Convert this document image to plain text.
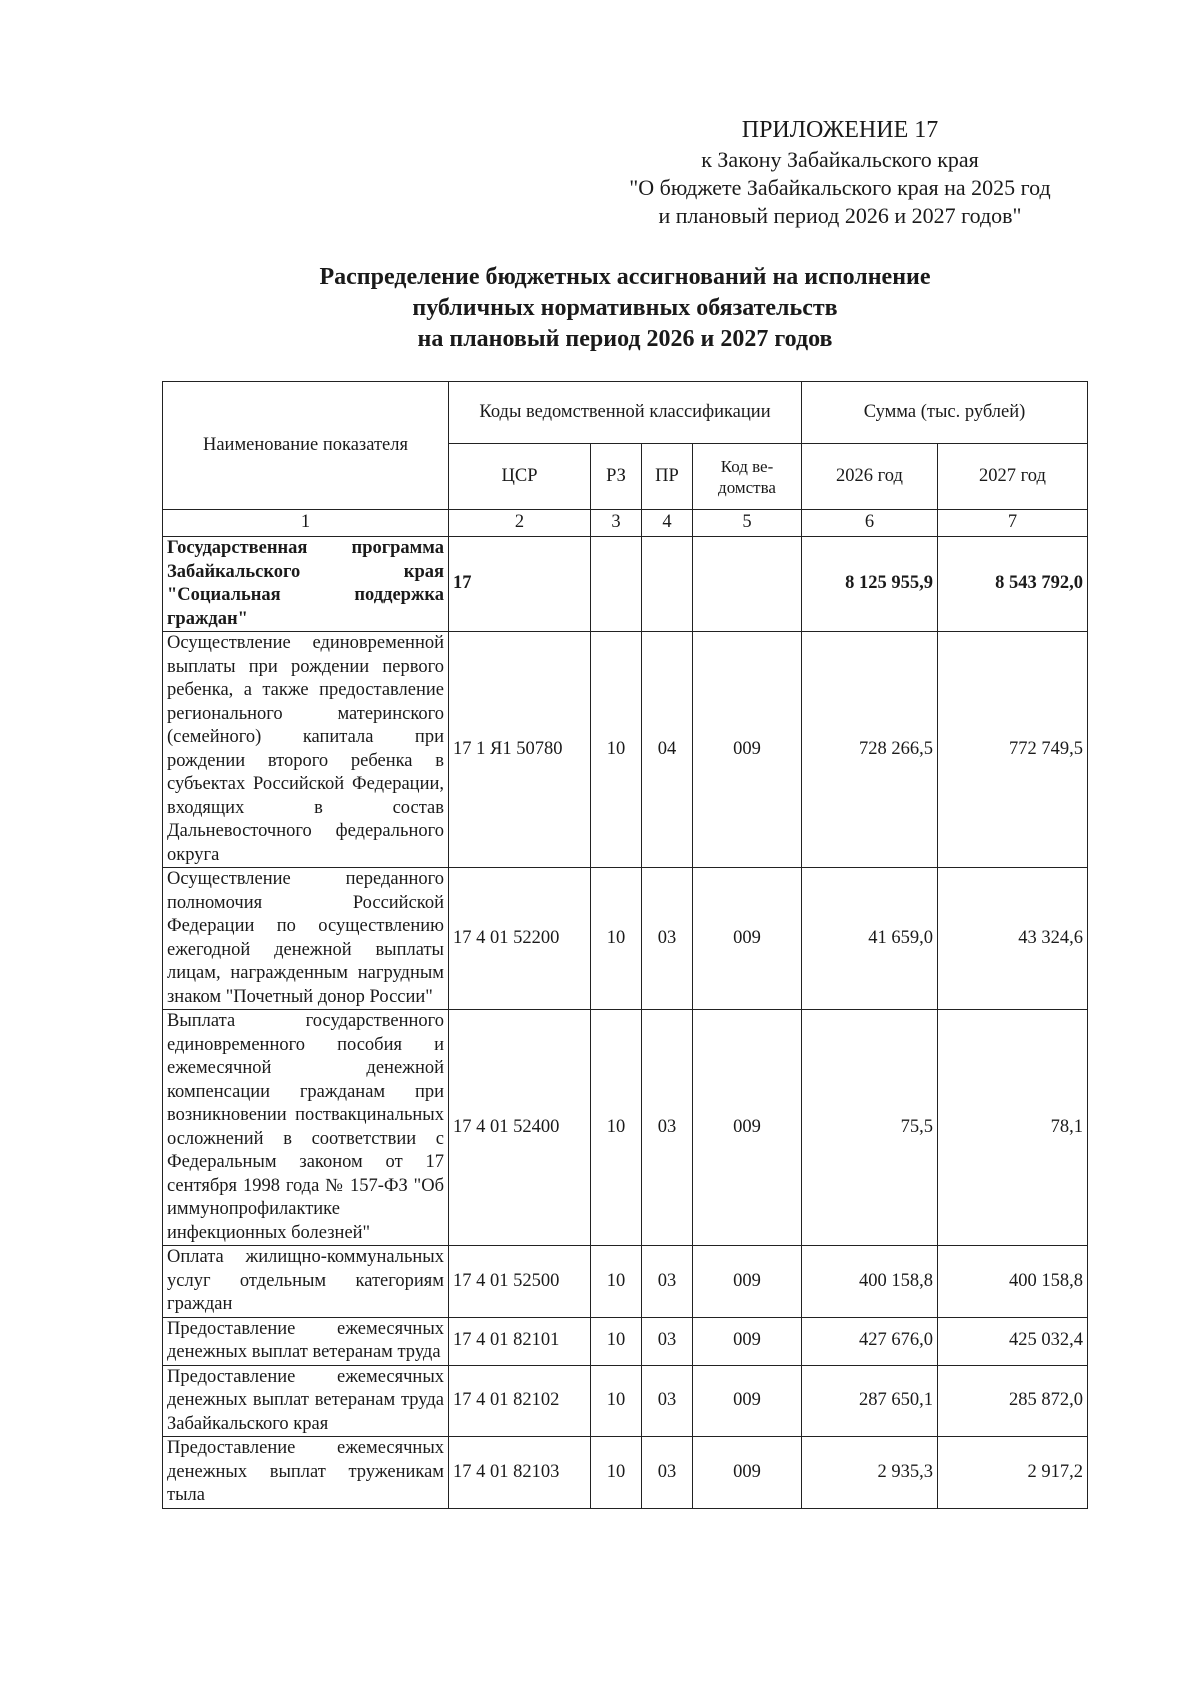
ПРИЛОЖЕНИЕ 17
к Закону Забайкальского края
"О бюджете Забайкальского края на 2025 год
и плановый период 2026 и 2027 годов"
Распределение бюджетных ассигнований на исполнение
публичных нормативных обязательств
на плановый период 2026 и 2027 годов
Наименование показателя	Коды ведомственной классификации				Сумма (тыс. рублей)	
	ЦСР	РЗ	ПР	Код ве-домства	2026 год	2027 год
1	2	3	4	5	6	7
Государственная программа Забайкальского края "Социальная поддержка граждан"	17				8 125 955,9	8 543 792,0
Осуществление единовременной выплаты при рождении первого ребенка, а также предоставление регионального материнского (семейного) капитала при рождении второго ребенка в субъектах Российской Федерации, входящих в состав Дальневосточного федерального округа	17 1 Я1 50780	10	04	009	728 266,5	772 749,5
Осуществление переданного полномочия Российской Федерации по осуществлению ежегодной денежной выплаты лицам, награжденным нагрудным знаком "Почетный донор России"	17 4 01 52200	10	03	009	41 659,0	43 324,6
Выплата государственного единовременного пособия и ежемесячной денежной компенсации гражданам при возникновении поствакцинальных осложнений в соответствии с Федеральным законом от 17 сентября 1998 года № 157-ФЗ "Об иммунопрофилактике инфекционных болезней"	17 4 01 52400	10	03	009	75,5	78,1
Оплата жилищно-коммунальных услуг отдельным категориям граждан	17 4 01 52500	10	03	009	400 158,8	400 158,8
Предоставление ежемесячных денежных выплат ветеранам труда	17 4 01 82101	10	03	009	427 676,0	425 032,4
Предоставление ежемесячных денежных выплат ветеранам труда Забайкальского края	17 4 01 82102	10	03	009	287 650,1	285 872,0
Предоставление ежемесячных денежных выплат труженикам тыла	17 4 01 82103	10	03	009	2 935,3	2 917,2
